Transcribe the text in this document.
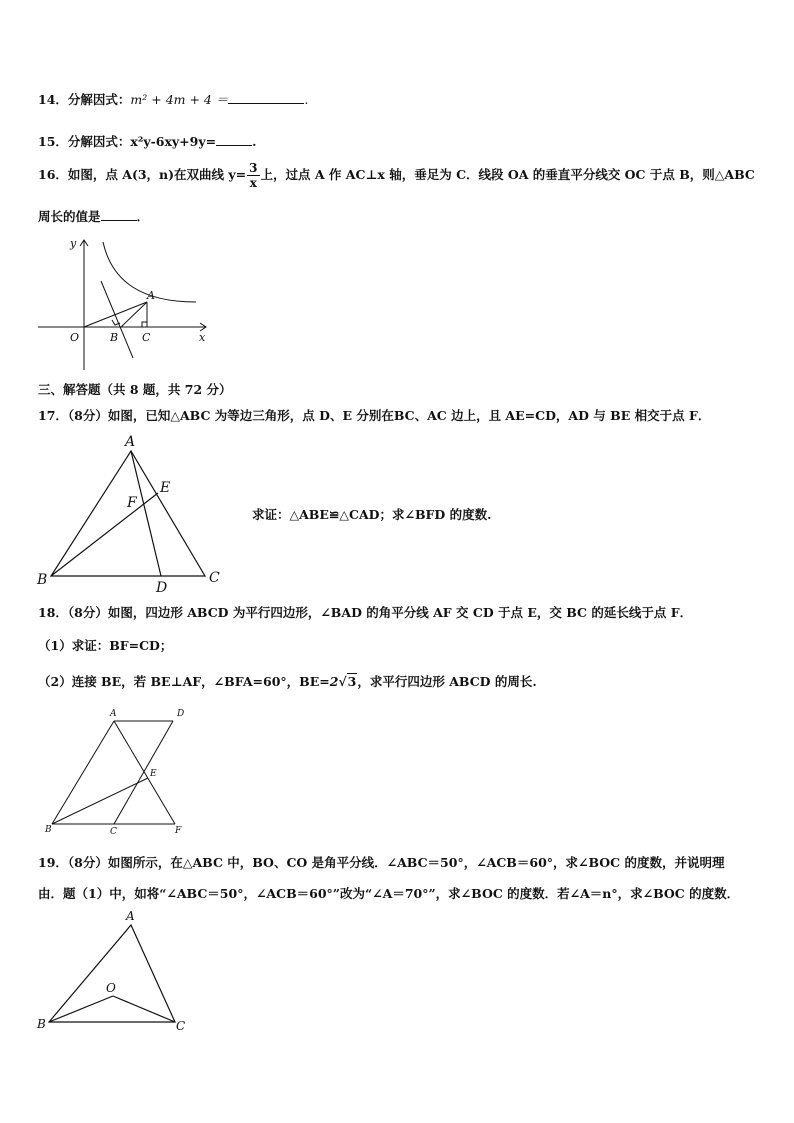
14．分解因式：m² + 4m + 4 ＝	.
15．分解因式：x²y-6xy+9y=	.
16．如图，点 A(3，n)在双曲线 $y= \frac{3}{x}$ 上，过点 A 作 AC⊥x 轴，垂足为 C．线段 OA 的垂直平分线交 OC 于点 B，则△ABC
周长的值是	．
y
x
O
A
B C
三、解答题（共 8 题，共 72 分）
17．（8分）如图，已知△ABC 为等边三角形，点 D、E 分别在BC、AC 边上，且 AE=CD，AD 与 BE 相交于点 F．
A
B	C
D
E
F
求证：△ABE≌△CAD；求∠BFD 的度数.
18．（8分）如图，四边形 ABCD 为平行四边形，∠BAD 的角平分线 AF 交 CD 于点 E，交 BC 的延长线于点 F．
（1）求证：BF=CD；
（2）连接 BE，若 BE⊥AF，∠BFA=60°，BE=2√3，求平行四边形 ABCD 的周长.
A	D
E
B	C	F
19．（8分）如图所示，在△ABC 中，BO、CO 是角平分线．∠ABC＝50°，∠ACB＝60°，求∠BOC 的度数，并说明理
由．题（1）中，如将“∠ABC＝50°，∠ACB＝60°”改为“∠A＝70°”，求∠BOC 的度数．若∠A＝n°，求∠BOC 的度数．
A
B	C
O
